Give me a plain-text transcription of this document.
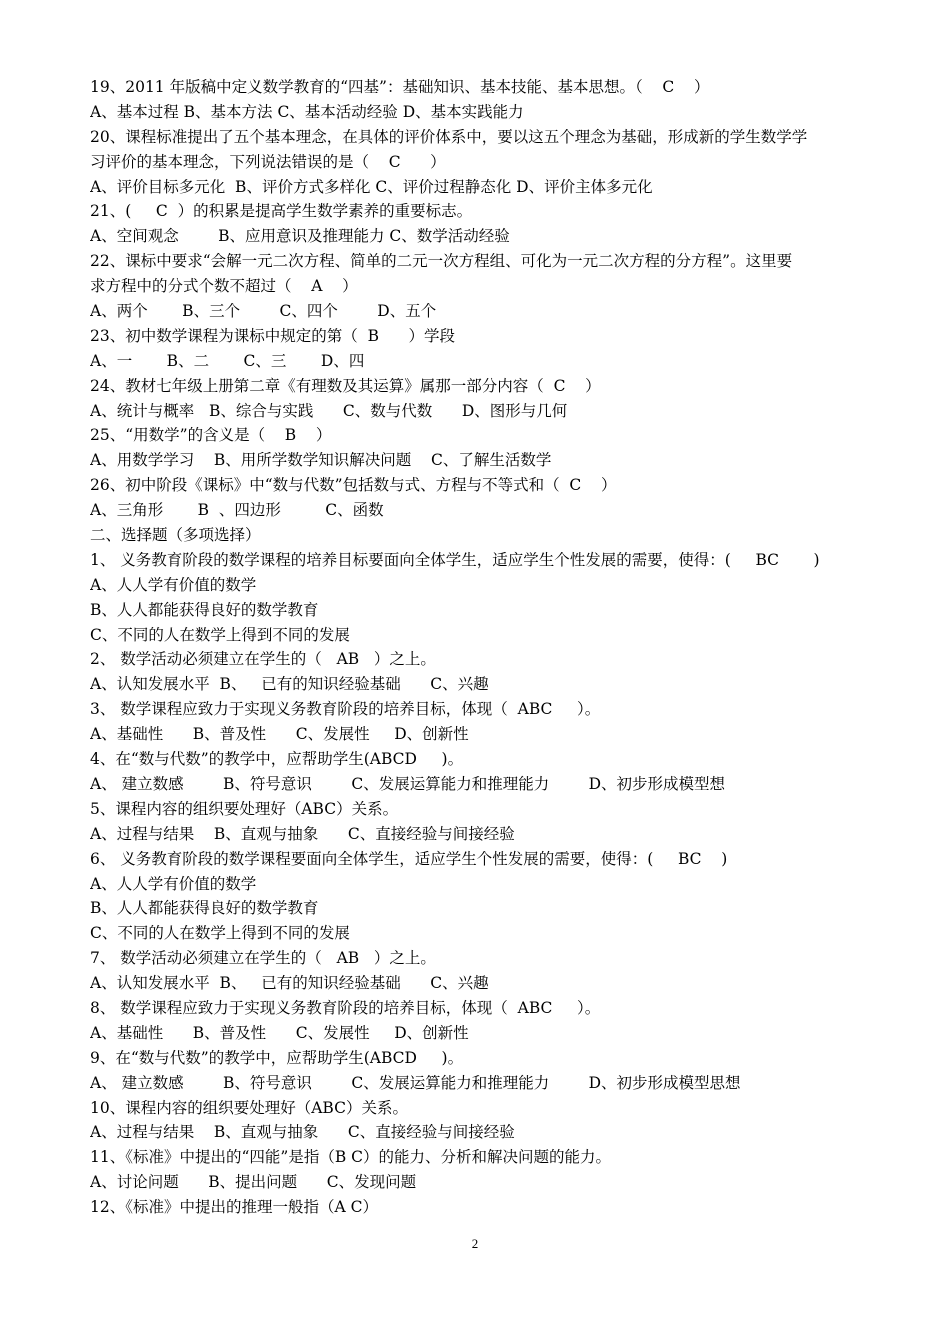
19、2011 年版稿中定义数学教育的“四基”：基础知识、基本技能、基本思想。（    C    ）
A、基本过程 B、基本方法 C、基本活动经验 D、基本实践能力
20、课程标准提出了五个基本理念，在具体的评价体系中，要以这五个理念为基础，形成新的学生数学学
习评价的基本理念，下列说法错误的是（    C      ）
A、评价目标多元化  B、评价方式多样化 C、评价过程静态化 D、评价主体多元化
21、(     C  ）的积累是提高学生数学素养的重要标志。
A、空间观念        B、应用意识及推理能力 C、数学活动经验
22、课标中要求“会解一元二次方程、简单的二元一次方程组、可化为一元二次方程的分方程”。这里要
求方程中的分式个数不超过（    A    ）
A、两个       B、三个        C、四个        D、五个
23、初中数学课程为课标中规定的第（  B      ）学段
A、一       B、二       C、三       D、四
24、教材七年级上册第二章《有理数及其运算》属那一部分内容（  C    ）
A、统计与概率   B、综合与实践      C、数与代数      D、图形与几何
25、“用数学”的含义是（    B    ）
A、用数学学习    B、用所学数学知识解决问题    C、了解生活数学
26、初中阶段《课标》中“数与代数”包括数与式、方程与不等式和（  C    ）
A、三角形       B  、四边形         C、函数
二、选择题（多项选择）
1、 义务教育阶段的数学课程的培养目标要面向全体学生，适应学生个性发展的需要，使得：(     BC       )
A、人人学有价值的数学
B、人人都能获得良好的数学教育
C、不同的人在数学上得到不同的发展
2、 数学活动必须建立在学生的（   AB   ）之上。
A、认知发展水平  B、   已有的知识经验基础      C、兴趣
3、 数学课程应致力于实现义务教育阶段的培养目标，体现（  ABC     ）。
A、基础性      B、普及性      C、发展性     D、创新性
4、在“数与代数”的教学中，应帮助学生(ABCD     )。
A、 建立数感        B、符号意识        C、发展运算能力和推理能力        D、初步形成模型想
5、课程内容的组织要处理好（ABC）关系。
A、过程与结果    B、直观与抽象      C、直接经验与间接经验
6、 义务教育阶段的数学课程要面向全体学生，适应学生个性发展的需要，使得：(     BC    )
A、人人学有价值的数学
B、人人都能获得良好的数学教育
C、不同的人在数学上得到不同的发展
7、 数学活动必须建立在学生的（   AB   ）之上。
A、认知发展水平  B、   已有的知识经验基础      C、兴趣
8、 数学课程应致力于实现义务教育阶段的培养目标，体现（  ABC     ）。
A、基础性      B、普及性      C、发展性     D、创新性
9、在“数与代数”的教学中，应帮助学生(ABCD     )。
A、 建立数感        B、符号意识        C、发展运算能力和推理能力        D、初步形成模型思想
10、课程内容的组织要处理好（ABC）关系。
A、过程与结果    B、直观与抽象      C、直接经验与间接经验
11、《标准》中提出的“四能”是指（B C）的能力、分析和解决问题的能力。
A、讨论问题      B、提出问题      C、发现问题
12、《标准》中提出的推理一般指（A C）
2
